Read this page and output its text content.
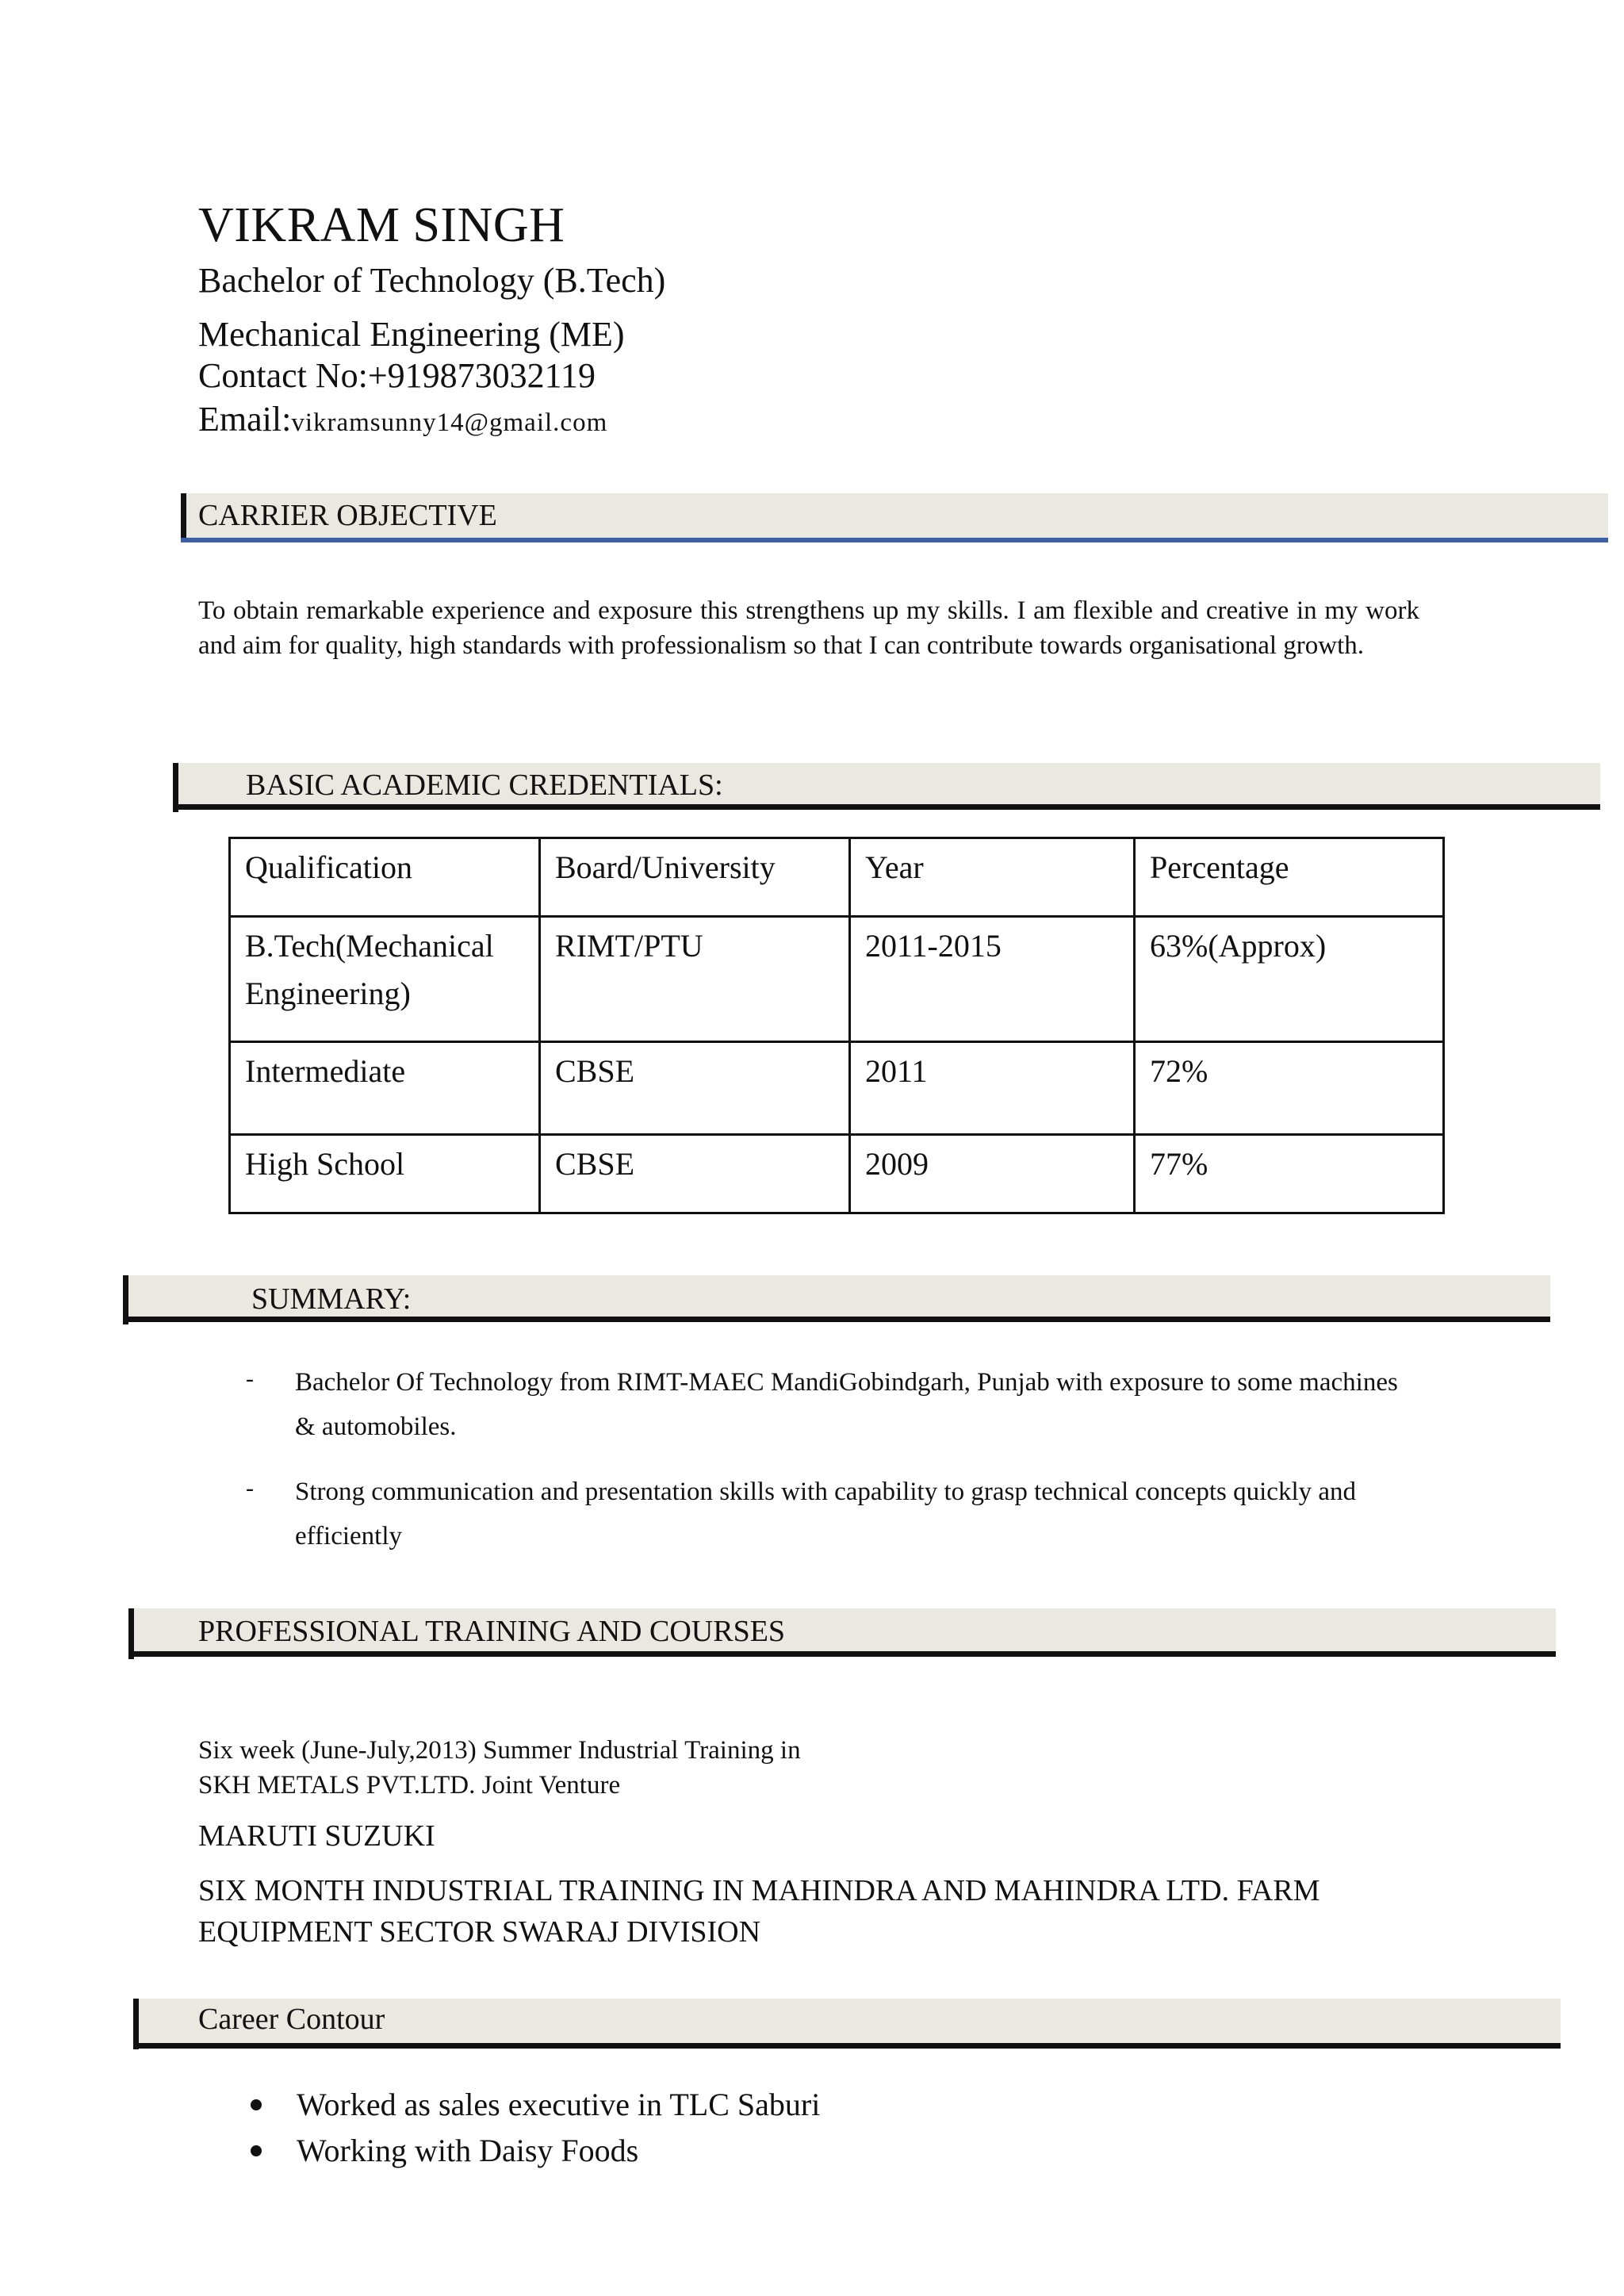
VIKRAM SINGH
Bachelor of Technology (B.Tech)
Mechanical Engineering (ME)
Contact No:+919873032119
Email:vikramsunny14@gmail.com
CARRIER OBJECTIVE
To obtain remarkable experience and exposure this strengthens up my skills. I am flexible and creative in my work and aim for quality, high standards with professionalism so that I can contribute towards organisational growth.
BASIC ACADEMIC CREDENTIALS:
Qualification	Board/University	Year	Percentage
B.Tech(Mechanical Engineering)	RIMT/PTU	2011-2015	63%(Approx)
Intermediate	CBSE	2011	72%
High School	CBSE	2009	77%
SUMMARY:
- Bachelor Of Technology from RIMT-MAEC MandiGobindgarh, Punjab with exposure to some machines & automobiles.
- Strong communication and presentation skills with capability to grasp technical concepts quickly and efficiently
PROFESSIONAL TRAINING AND COURSES
Six week (June-July,2013) Summer Industrial Training in
SKH METALS PVT.LTD. Joint Venture
MARUTI SUZUKI
SIX MONTH INDUSTRIAL TRAINING IN MAHINDRA AND MAHINDRA LTD. FARM EQUIPMENT SECTOR SWARAJ DIVISION
Career Contour
Worked as sales executive in TLC Saburi
Working with Daisy Foods
